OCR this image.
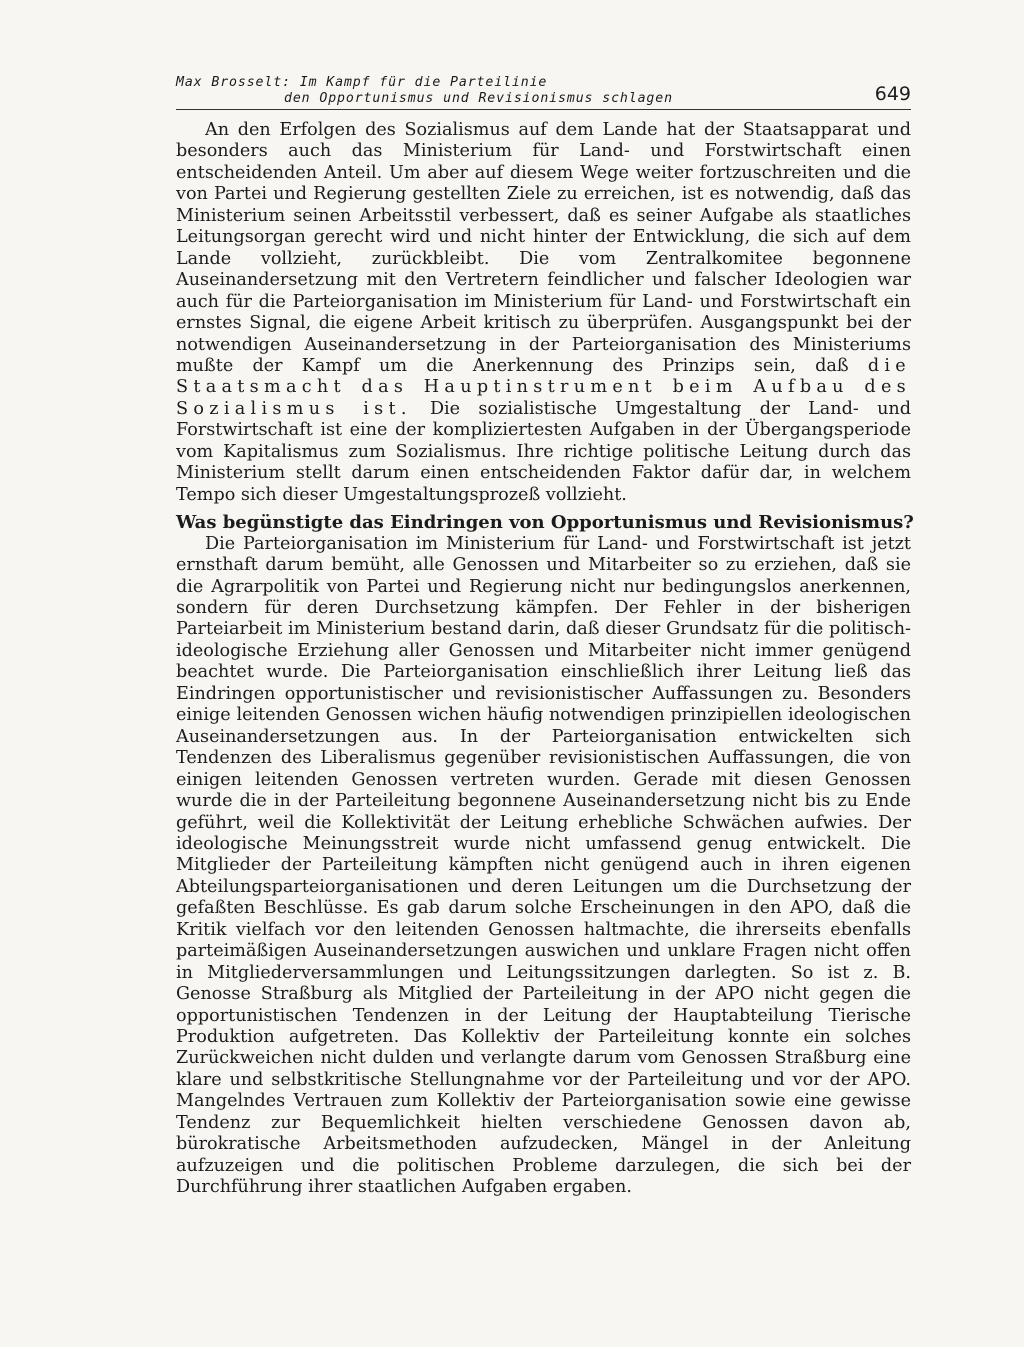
Max Brosselt: Im Kampf für die Parteilinie
den Opportunismus und Revisionismus schlagen	649

An den Erfolgen des Sozialismus auf dem Lande hat der Staatsapparat und besonders auch das Ministerium für Land- und Forstwirtschaft einen entscheidenden Anteil. Um aber auf diesem Wege weiter fortzuschreiten und die von Partei und Regierung gestellten Ziele zu erreichen, ist es notwendig, daß das Ministerium seinen Arbeitsstil verbessert, daß es seiner Aufgabe als staatliches Leitungsorgan gerecht wird und nicht hinter der Entwicklung, die sich auf dem Lande vollzieht, zurückbleibt. Die vom Zentralkomitee begonnene Auseinandersetzung mit den Vertretern feindlicher und falscher Ideologien war auch für die Parteiorganisation im Ministerium für Land- und Forstwirtschaft ein ernstes Signal, die eigene Arbeit kritisch zu überprüfen. Ausgangspunkt bei der notwendigen Auseinandersetzung in der Parteiorganisation des Ministeriums mußte der Kampf um die Anerkennung des Prinzips sein, daß die Staatsmacht das Hauptinstrument beim Aufbau des Sozialismus ist. Die sozialistische Umgestaltung der Land- und Forstwirtschaft ist eine der kompliziertesten Aufgaben in der Übergangsperiode vom Kapitalismus zum Sozialismus. Ihre richtige politische Leitung durch das Ministerium stellt darum einen entscheidenden Faktor dafür dar, in welchem Tempo sich dieser Umgestaltungsprozeß vollzieht.

Was begünstigte das Eindringen von Opportunismus und Revisionismus?

Die Parteiorganisation im Ministerium für Land- und Forstwirtschaft ist jetzt ernsthaft darum bemüht, alle Genossen und Mitarbeiter so zu erziehen, daß sie die Agrarpolitik von Partei und Regierung nicht nur bedingungslos anerkennen, sondern für deren Durchsetzung kämpfen. Der Fehler in der bisherigen Parteiarbeit im Ministerium bestand darin, daß dieser Grundsatz für die politisch-ideologische Erziehung aller Genossen und Mitarbeiter nicht immer genügend beachtet wurde. Die Parteiorganisation einschließlich ihrer Leitung ließ das Eindringen opportunistischer und revisionistischer Auffassungen zu. Besonders einige leitenden Genossen wichen häufig notwendigen prinzipiellen ideologischen Auseinandersetzungen aus. In der Parteiorganisation entwickelten sich Tendenzen des Liberalismus gegenüber revisionistischen Auffassungen, die von einigen leitenden Genossen vertreten wurden. Gerade mit diesen Genossen wurde die in der Parteileitung begonnene Auseinandersetzung nicht bis zu Ende geführt, weil die Kollektivität der Leitung erhebliche Schwächen aufwies. Der ideologische Meinungsstreit wurde nicht umfassend genug entwickelt. Die Mitglieder der Parteileitung kämpften nicht genügend auch in ihren eigenen Abteilungsparteiorganisationen und deren Leitungen um die Durchsetzung der gefaßten Beschlüsse. Es gab darum solche Erscheinungen in den APO, daß die Kritik vielfach vor den leitenden Genossen haltmachte, die ihrerseits ebenfalls parteimäßigen Auseinandersetzungen auswichen und unklare Fragen nicht offen in Mitgliederversammlungen und Leitungssitzungen darlegten. So ist z. B. Genosse Straßburg als Mitglied der Parteileitung in der APO nicht gegen die opportunistischen Tendenzen in der Leitung der Hauptabteilung Tierische Produktion aufgetreten. Das Kollektiv der Parteileitung konnte ein solches Zurückweichen nicht dulden und verlangte darum vom Genossen Straßburg eine klare und selbstkritische Stellungnahme vor der Parteileitung und vor der APO. Mangelndes Vertrauen zum Kollektiv der Parteiorganisation sowie eine gewisse Tendenz zur Bequemlichkeit hielten verschiedene Genossen davon ab, bürokratische Arbeitsmethoden aufzudecken, Mängel in der Anleitung aufzuzeigen und die politischen Probleme darzulegen, die sich bei der Durchführung ihrer staatlichen Aufgaben ergaben.
